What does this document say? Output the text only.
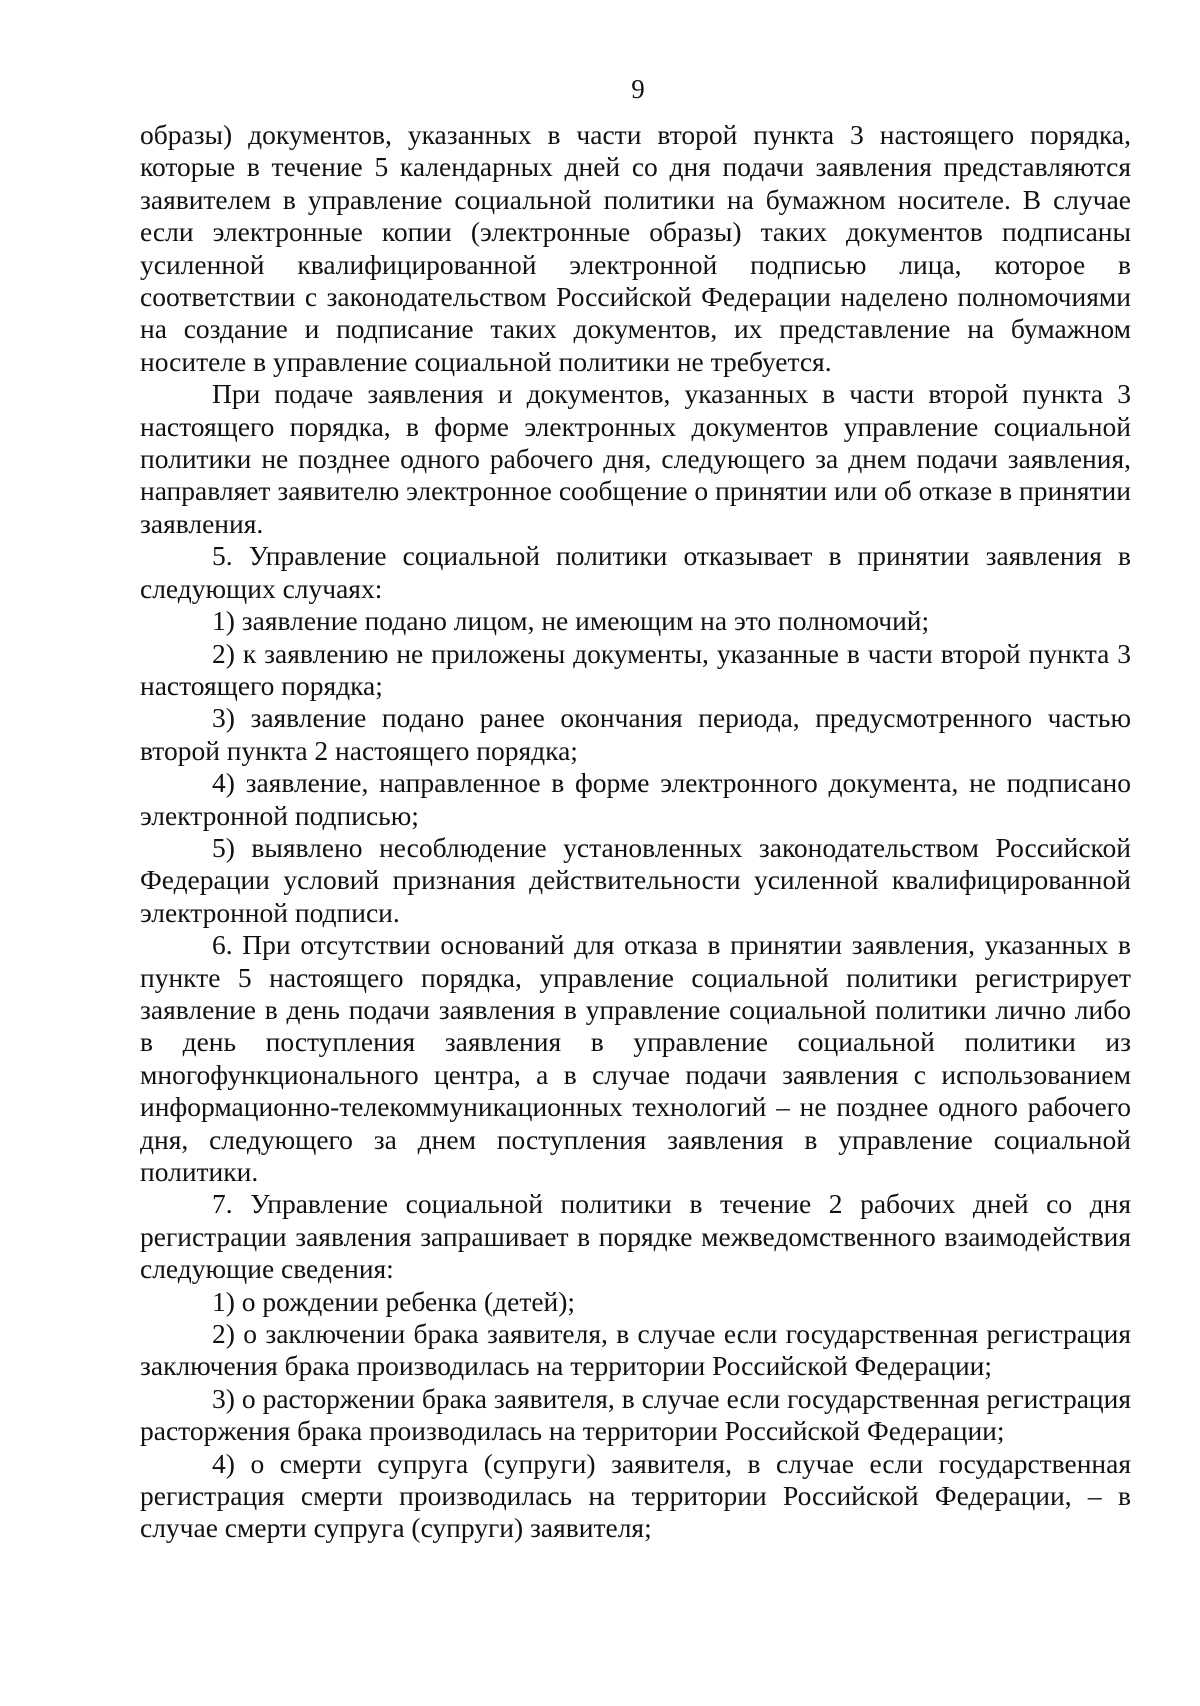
9

образы) документов, указанных в части второй пункта 3 настоящего порядка, которые в течение 5 календарных дней со дня подачи заявления представляются заявителем в управление социальной политики на бумажном носителе. В случае если электронные копии (электронные образы) таких документов подписаны усиленной квалифицированной электронной подписью лица, которое в соответствии с законодательством Российской Федерации наделено полномочиями на создание и подписание таких документов, их представление на бумажном носителе в управление социальной политики не требуется.

При подаче заявления и документов, указанных в части второй пункта 3 настоящего порядка, в форме электронных документов управление социальной политики не позднее одного рабочего дня, следующего за днем подачи заявления, направляет заявителю электронное сообщение о принятии или об отказе в принятии заявления.

5. Управление социальной политики отказывает в принятии заявления в следующих случаях:

1) заявление подано лицом, не имеющим на это полномочий;

2) к заявлению не приложены документы, указанные в части второй пункта 3 настоящего порядка;

3) заявление подано ранее окончания периода, предусмотренного частью второй пункта 2 настоящего порядка;

4) заявление, направленное в форме электронного документа, не подписано электронной подписью;

5) выявлено несоблюдение установленных законодательством Российской Федерации условий признания действительности усиленной квалифицированной электронной подписи.

6. При отсутствии оснований для отказа в принятии заявления, указанных в пункте 5 настоящего порядка, управление социальной политики регистрирует заявление в день подачи заявления в управление социальной политики лично либо в день поступления заявления в управление социальной политики из многофункционального центра, а в случае подачи заявления с использованием информационно-телекоммуникационных технологий – не позднее одного рабочего дня, следующего за днем поступления заявления в управление социальной политики.

7. Управление социальной политики в течение 2 рабочих дней со дня регистрации заявления запрашивает в порядке межведомственного взаимодействия следующие сведения:

1) о рождении ребенка (детей);

2) о заключении брака заявителя, в случае если государственная регистрация заключения брака производилась на территории Российской Федерации;

3) о расторжении брака заявителя, в случае если государственная регистрация расторжения брака производилась на территории Российской Федерации;

4) о смерти супруга (супруги) заявителя, в случае если государственная регистрация смерти производилась на территории Российской Федерации, – в случае смерти супруга (супруги) заявителя;
